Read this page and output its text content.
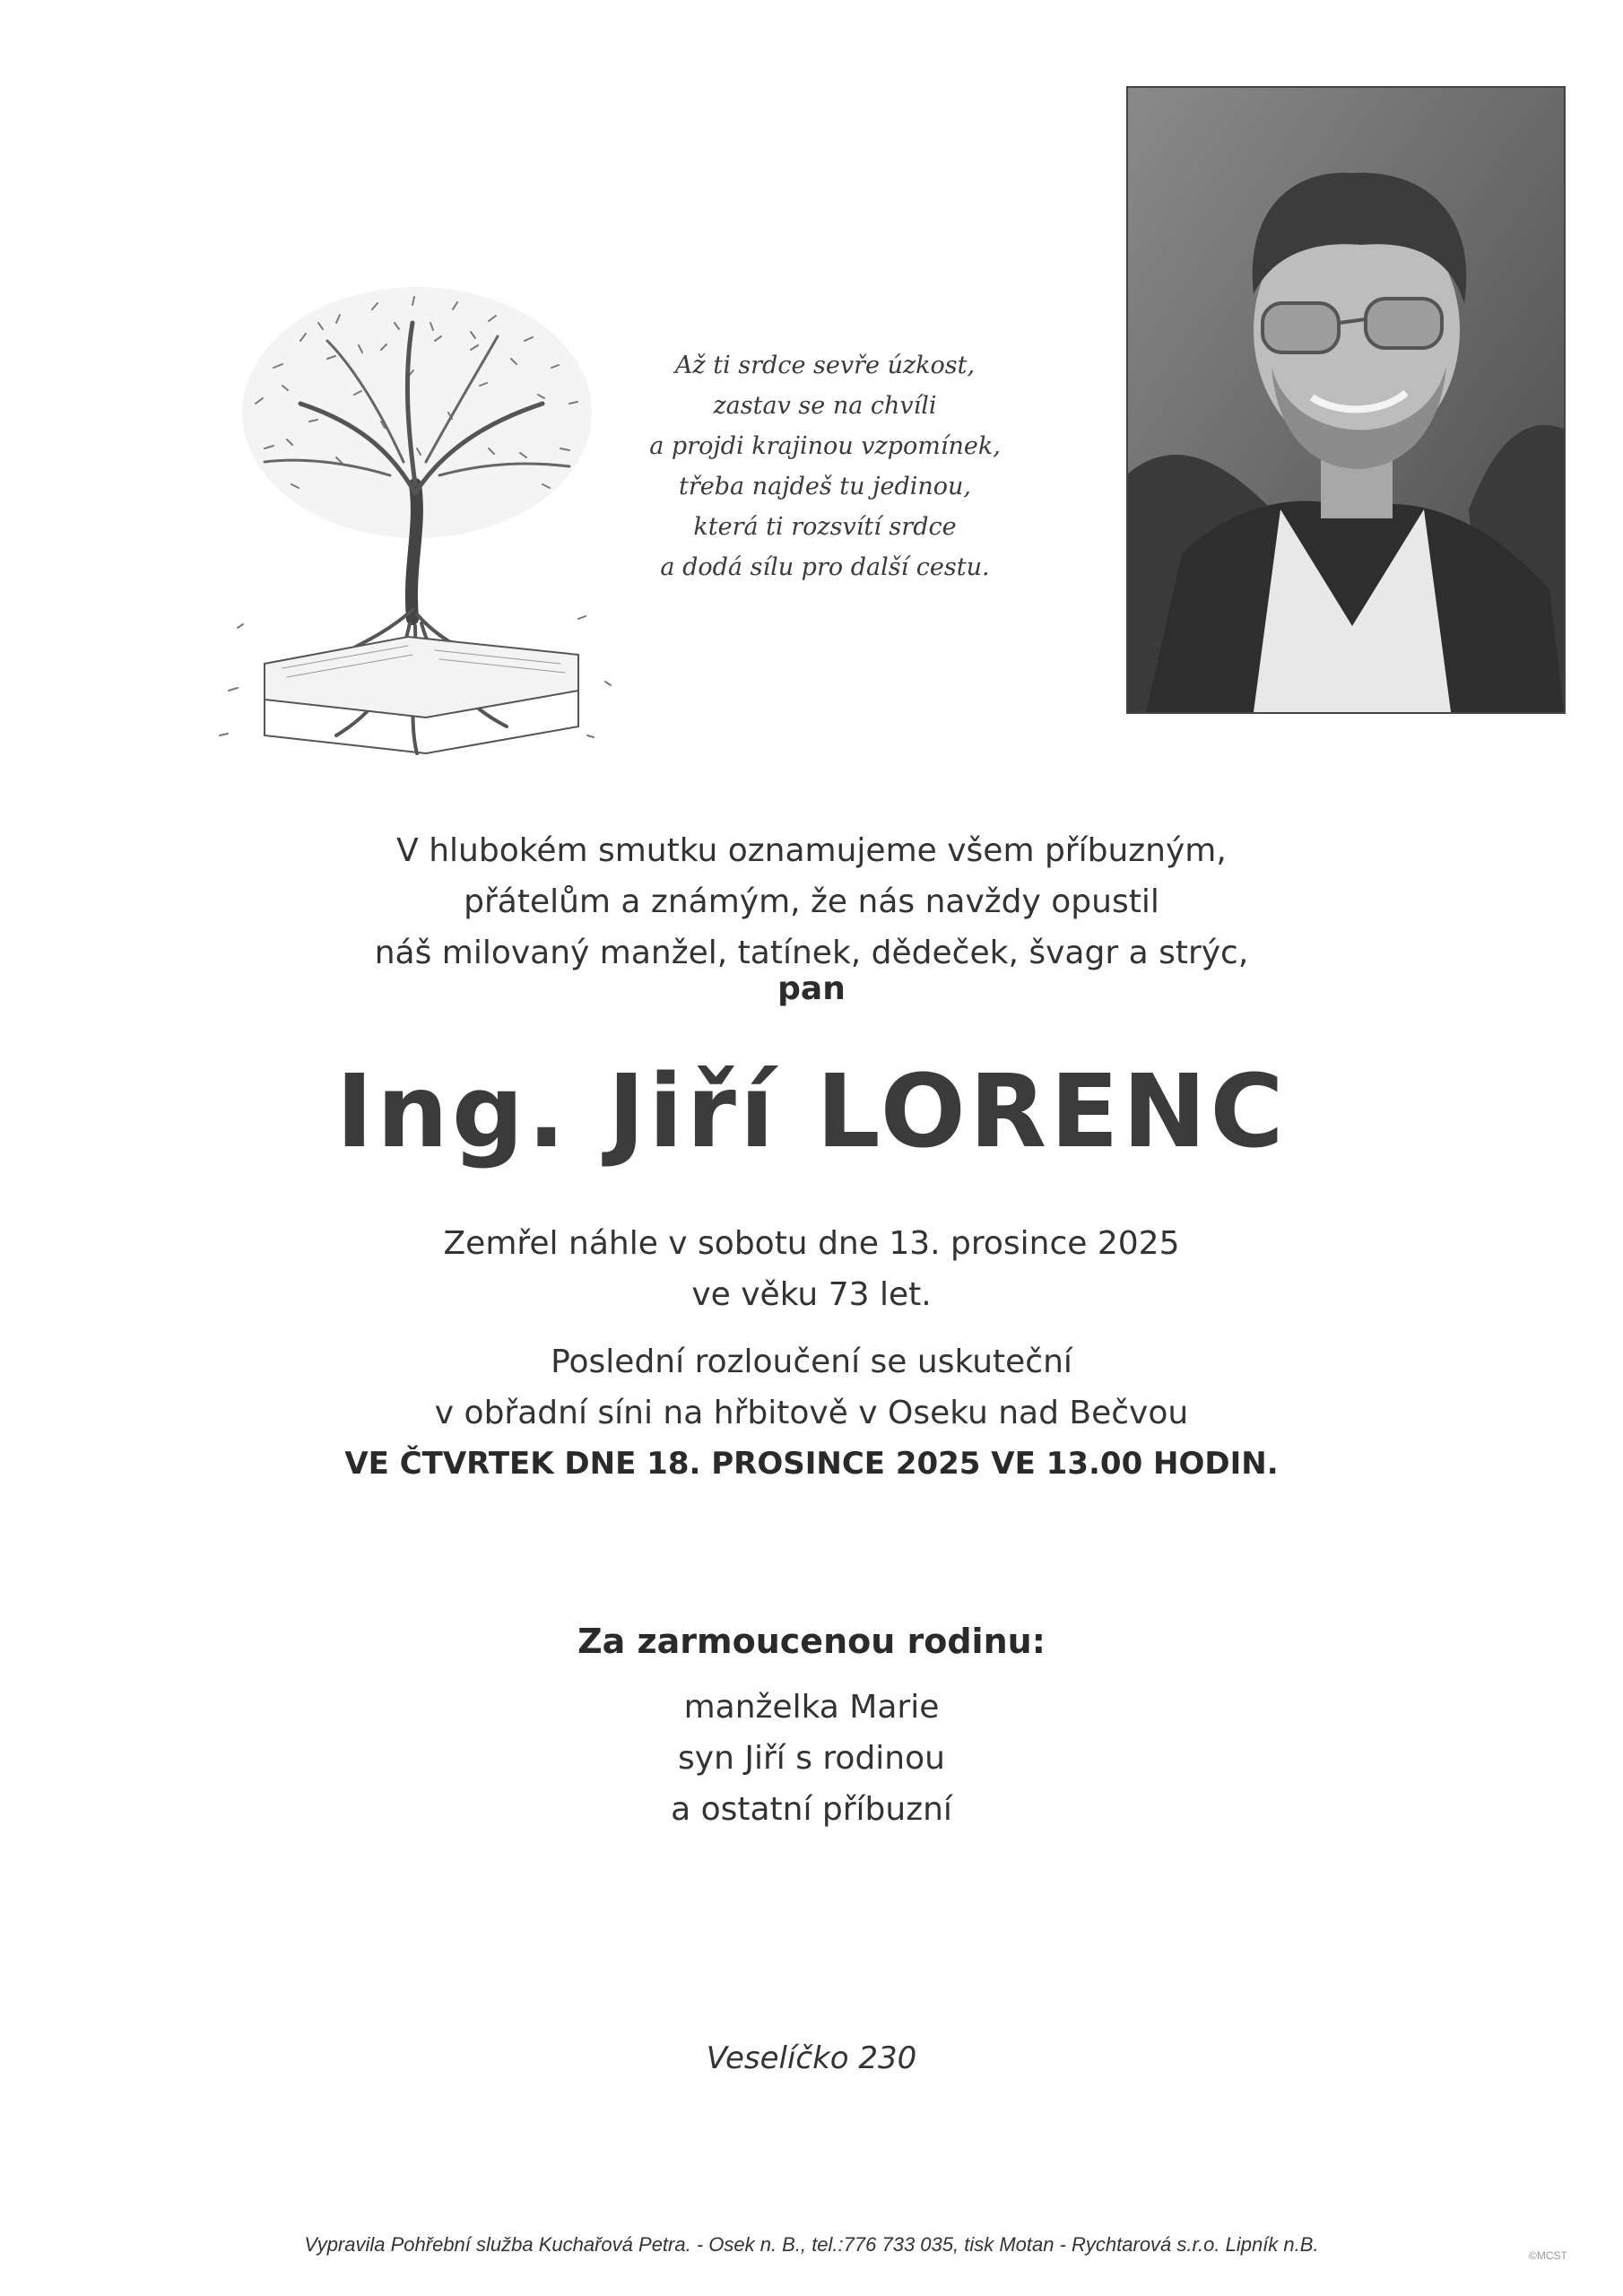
Až ti srdce sevře úzkost,
zastav se na chvíli
a projdi krajinou vzpomínek,
třeba najdeš tu jedinou,
která ti rozsvítí srdce
a dodá sílu pro další cestu.
V hlubokém smutku oznamujeme všem příbuzným,
přátelům a známým, že nás navždy opustil
náš milovaný manžel, tatínek, dědeček, švagr a strýc,
pan
Ing. Jiří LORENC
Zemřel náhle v sobotu dne 13. prosince 2025
ve věku 73 let.
Poslední rozloučení se uskuteční
v obřadní síni na hřbitově v Oseku nad Bečvou
VE ČTVRTEK DNE 18. PROSINCE 2025 VE 13.00 HODIN.
Za zarmoucenou rodinu:
manželka Marie
syn Jiří s rodinou
a ostatní příbuzní
Veselíčko 230
Vypravila Pohřební služba Kuchařová Petra. - Osek n. B., tel.:776 733 035, tisk Motan - Rychtarová s.r.o. Lipník n.B.	©MCST
